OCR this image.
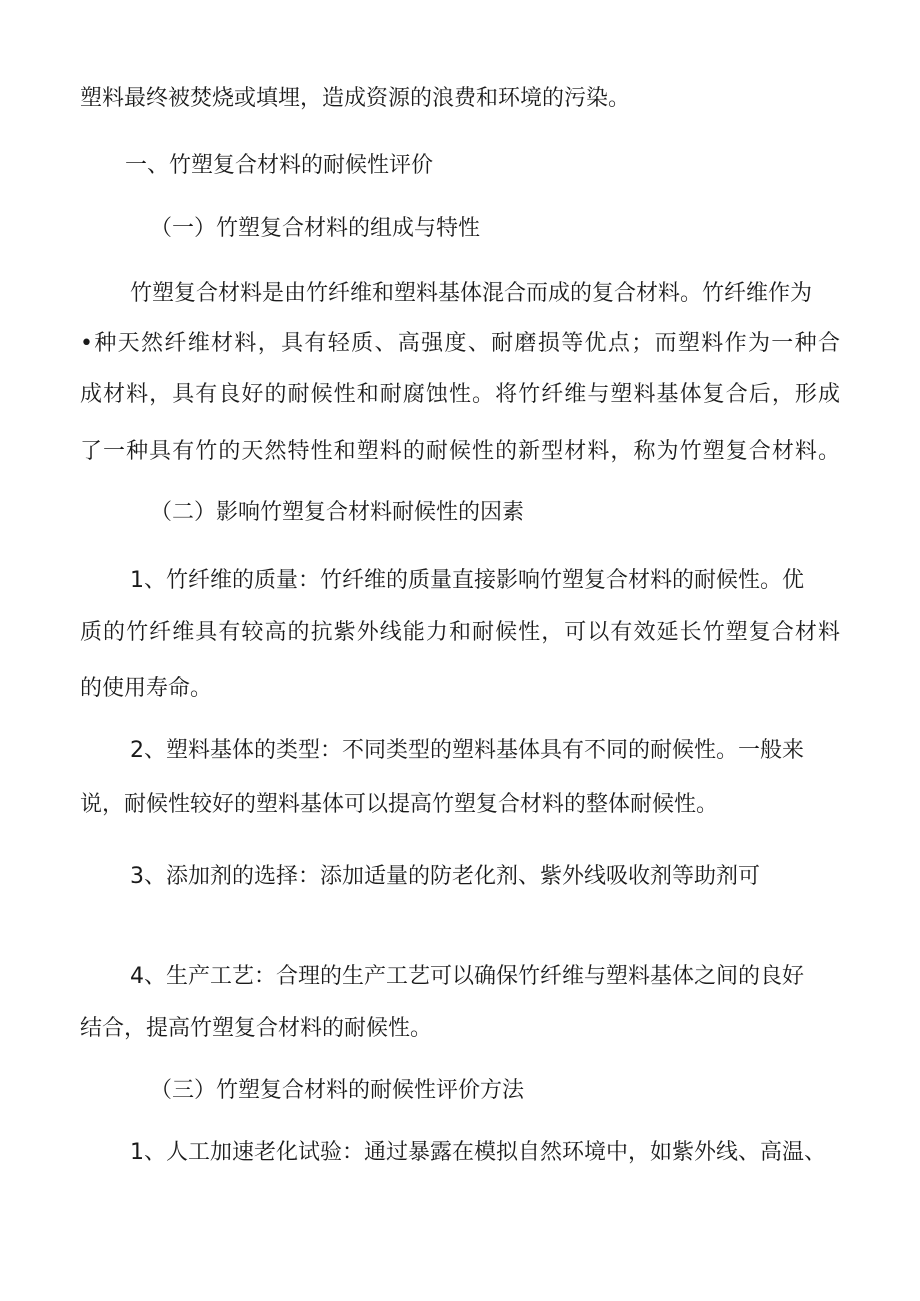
塑料最终被焚烧或填埋，造成资源的浪费和环境的污染。
一、竹塑复合材料的耐候性评价
（一）竹塑复合材料的组成与特性
竹塑复合材料是由竹纤维和塑料基体混合而成的复合材料。竹纤维作为
•种天然纤维材料，具有轻质、高强度、耐磨损等优点；而塑料作为一种合
成材料，具有良好的耐候性和耐腐蚀性。将竹纤维与塑料基体复合后，形成
了一种具有竹的天然特性和塑料的耐候性的新型材料，称为竹塑复合材料。
（二）影响竹塑复合材料耐候性的因素
1、竹纤维的质量：竹纤维的质量直接影响竹塑复合材料的耐候性。优
质的竹纤维具有较高的抗紫外线能力和耐候性，可以有效延长竹塑复合材料
的使用寿命。
2、塑料基体的类型：不同类型的塑料基体具有不同的耐候性。一般来
说，耐候性较好的塑料基体可以提高竹塑复合材料的整体耐候性。
3、添加剂的选择：添加适量的防老化剂、紫外线吸收剂等助剂可
4、生产工艺：合理的生产工艺可以确保竹纤维与塑料基体之间的良好
结合，提高竹塑复合材料的耐候性。
（三）竹塑复合材料的耐候性评价方法
1、人工加速老化试验：通过暴露在模拟自然环境中，如紫外线、高温、
